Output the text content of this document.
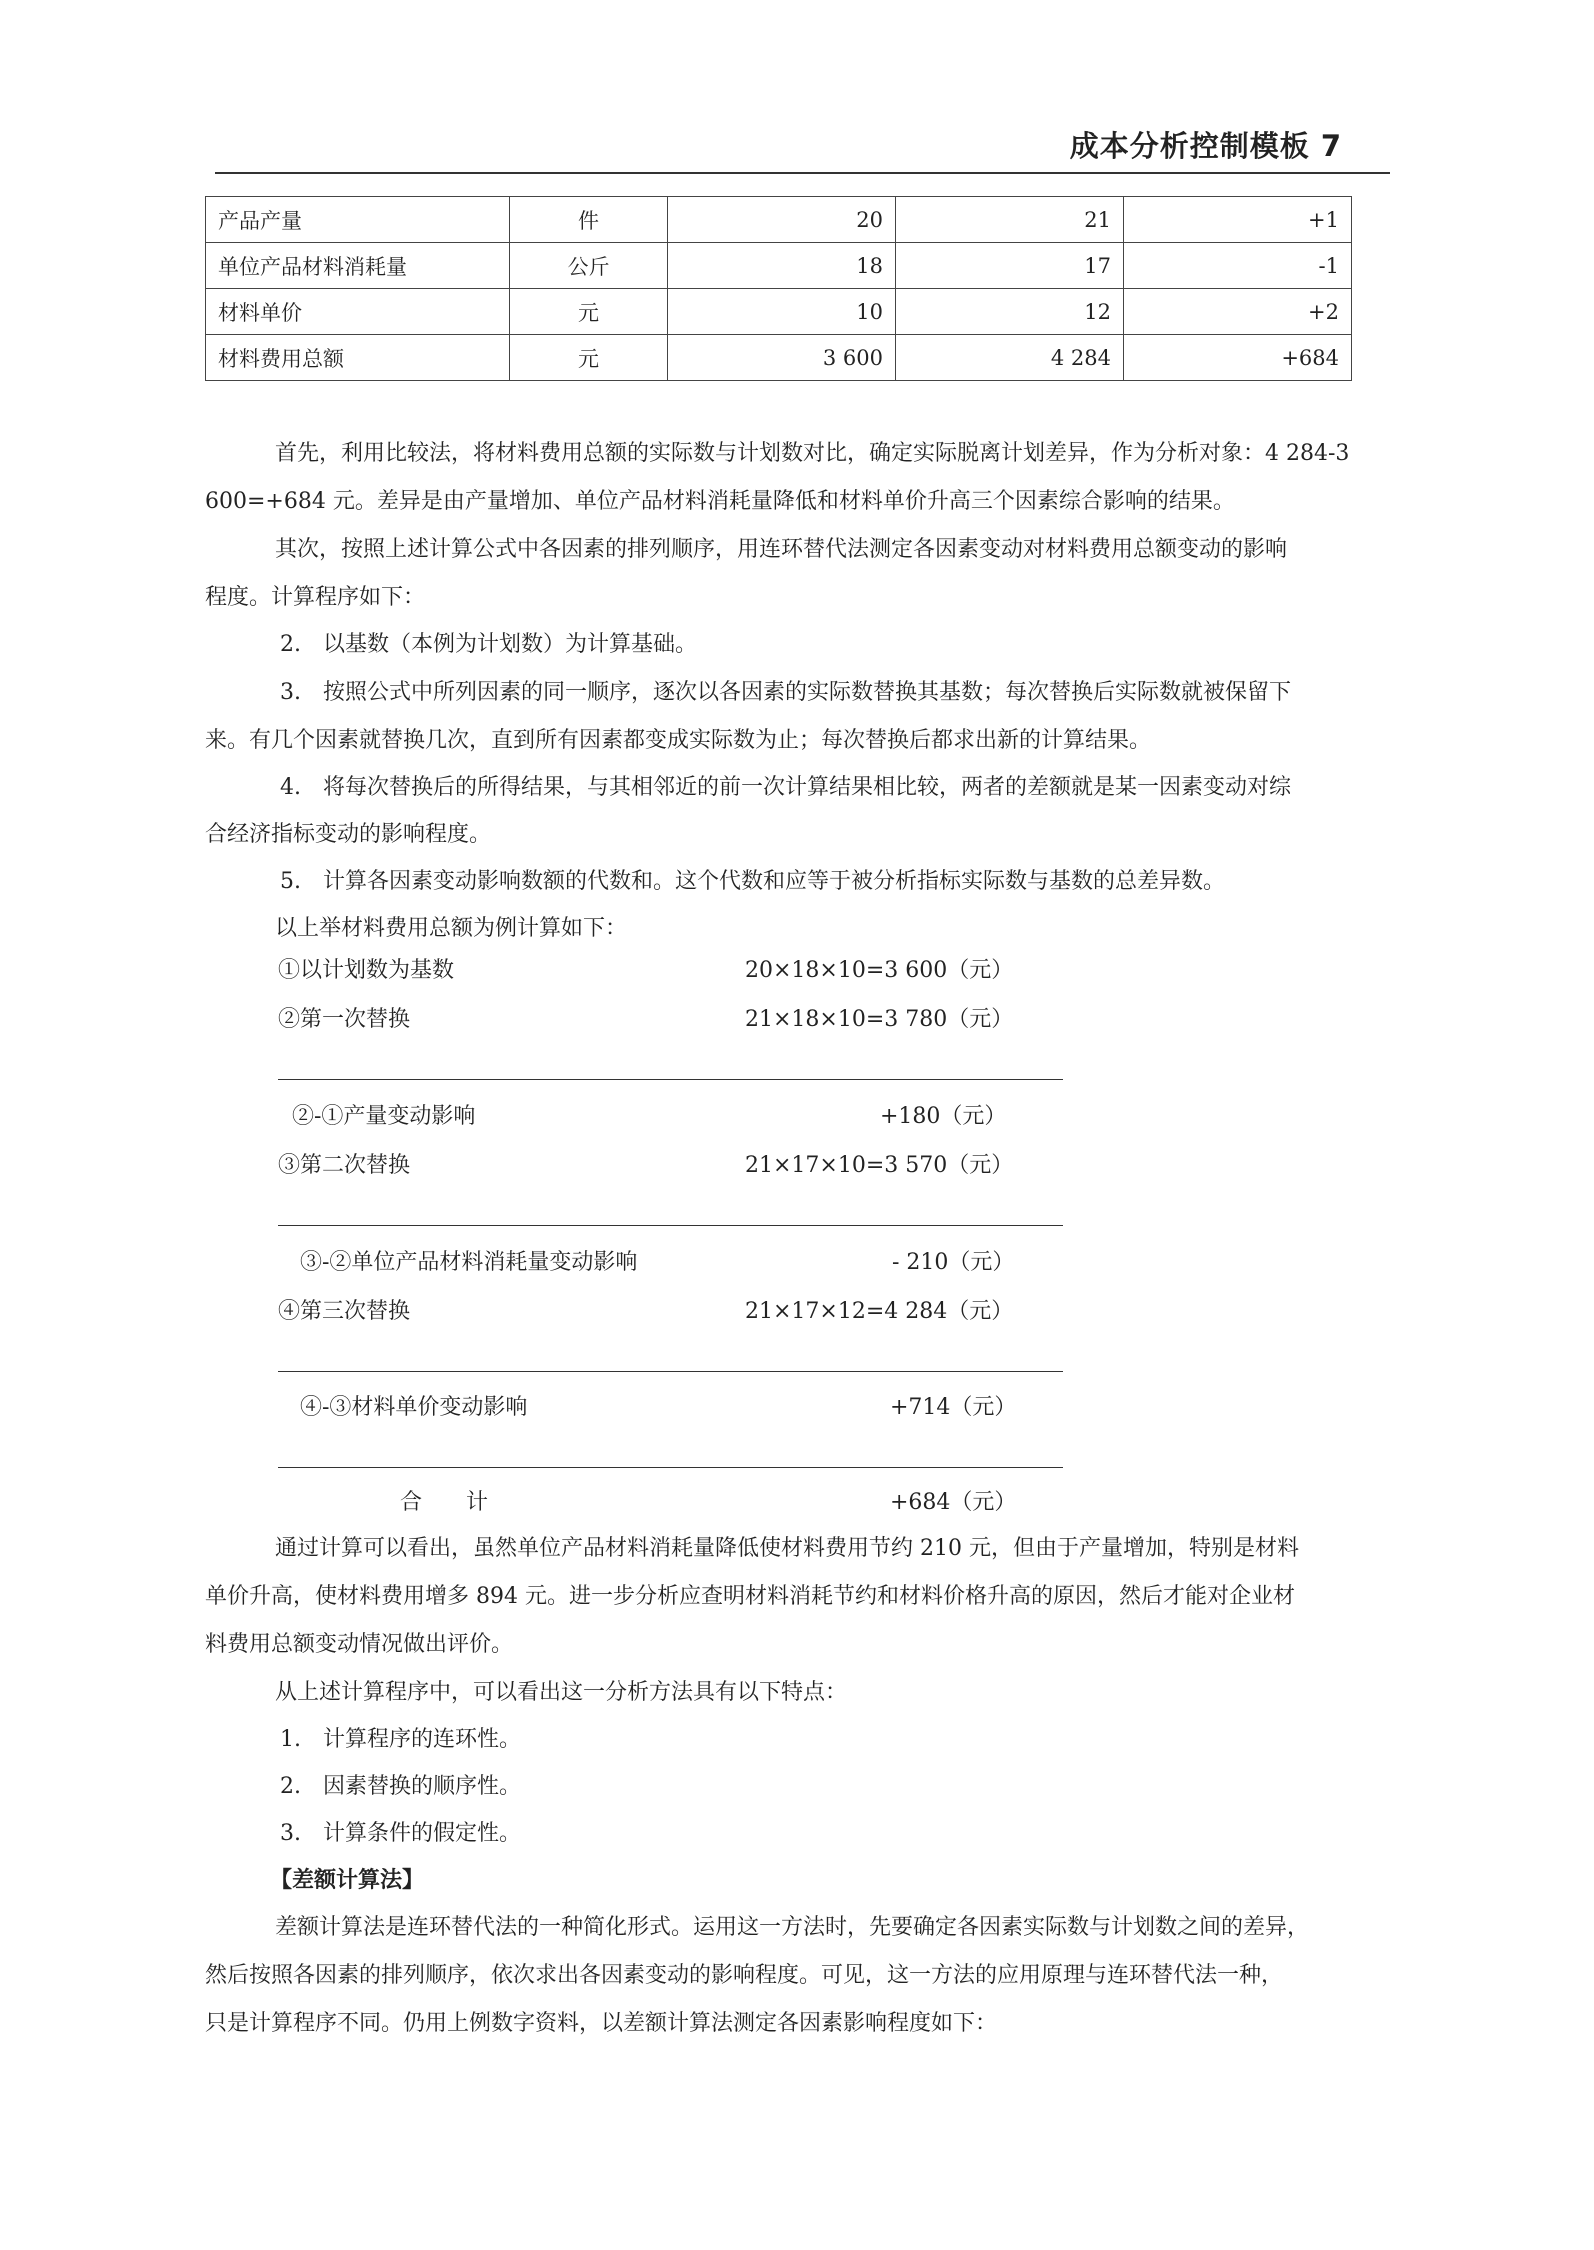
成本分析控制模板 7
产品产量	件	20	21	+1
单位产品材料消耗量	公斤	18	17	-1
材料单价	元	10	12	+2
材料费用总额	元	3 600	4 284	+684
首先，利用比较法，将材料费用总额的实际数与计划数对比，确定实际脱离计划差异，作为分析对象：4 284-3
600=+684 元。差异是由产量增加、单位产品材料消耗量降低和材料单价升高三个因素综合影响的结果。
其次，按照上述计算公式中各因素的排列顺序，用连环替代法测定各因素变动对材料费用总额变动的影响
程度。计算程序如下：
2.　以基数（本例为计划数）为计算基础。
3.　按照公式中所列因素的同一顺序，逐次以各因素的实际数替换其基数；每次替换后实际数就被保留下
来。有几个因素就替换几次，直到所有因素都变成实际数为止；每次替换后都求出新的计算结果。
4.　将每次替换后的所得结果，与其相邻近的前一次计算结果相比较，两者的差额就是某一因素变动对综
合经济指标变动的影响程度。
5.　计算各因素变动影响数额的代数和。这个代数和应等于被分析指标实际数与基数的总差异数。
以上举材料费用总额为例计算如下：
①以计划数为基数	20×18×10=3 600（元）
②第一次替换	21×18×10=3 780（元）
②-①产量变动影响	+180（元）
③第二次替换	21×17×10=3 570（元）
③-②单位产品材料消耗量变动影响	- 210（元）
④第三次替换	21×17×12=4 284（元）
④-③材料单价变动影响	+714（元）
合　　计	+684（元）
通过计算可以看出，虽然单位产品材料消耗量降低使材料费用节约 210 元，但由于产量增加，特别是材料
单价升高，使材料费用增多 894 元。进一步分析应查明材料消耗节约和材料价格升高的原因，然后才能对企业材
料费用总额变动情况做出评价。
从上述计算程序中，可以看出这一分析方法具有以下特点：
1.　计算程序的连环性。
2.　因素替换的顺序性。
3.　计算条件的假定性。
【差额计算法】
差额计算法是连环替代法的一种简化形式。运用这一方法时，先要确定各因素实际数与计划数之间的差异，
然后按照各因素的排列顺序，依次求出各因素变动的影响程度。可见，这一方法的应用原理与连环替代法一种，
只是计算程序不同。仍用上例数字资料，以差额计算法测定各因素影响程度如下：
